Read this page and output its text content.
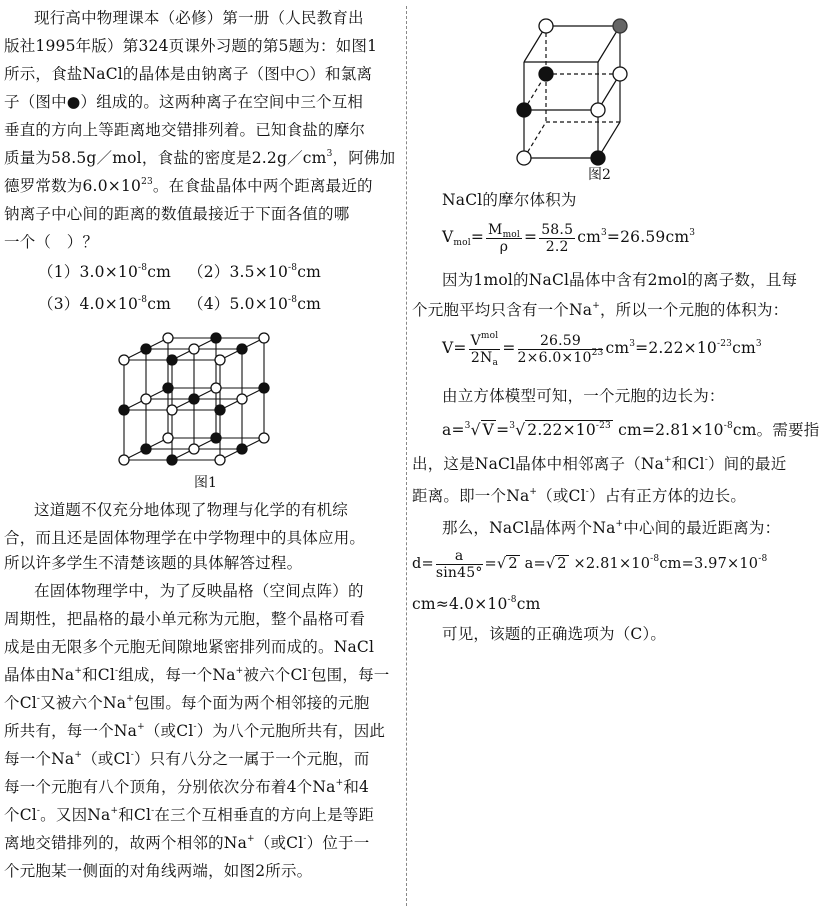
现行高中物理课本（必修）第一册（人民教育出
版社1995年版）第324页课外习题的第5题为：如图1
所示，食盐NaCl的晶体是由钠离子（图中○）和氯离
子（图中●）组成的。这两种离子在空间中三个互相
垂直的方向上等距离地交错排列着。已知食盐的摩尔
质量为58.5g／mol，食盐的密度是$2.2g/cm^3$，阿佛加
德罗常数为$6.0\times 10^{23}$。在食盐晶体中两个距离最近的
钠离子中心间的距离的数值最接近于下面各值的哪
一个（　）？
$(1)3.0\times 10^{-8}cm$ $(2)3.5\times 10^{-8}cm$
$(3)4.0\times 10^{-8}cm$ $(4)5.0\times 10^{-8}cm$
图1
这道题不仅充分地体现了物理与化学的有机综
合，而且还是固体物理学在中学物理中的具体应用。
所以许多学生不清楚该题的具体解答过程。
在固体物理学中，为了反映晶格（空间点阵）的
周期性，把晶格的最小单元称为元胞，整个晶格可看
成是由无限多个元胞无间隙地紧密排列而成的。NaCl
晶体由Na+和Cl-组成，每一个Na+被六个Cl-包围，每一
个Cl-又被六个Na+包围。每个面为两个相邻接的元胞
所共有，每一个Na+（或Cl-）为八个元胞所共有，因此
每一个Na+（或Cl-）只有八分之一属于一个元胞，而
每一个元胞有八个顶角，分别依次分布着4个Na+和4
个Cl-。又因Na+和Cl-在三个互相垂直的方向上是等距
离地交错排列的，故两个相邻的Na+（或Cl-）位于一
个元胞某一侧面的对角线两端，如图2所示。
图2
NaCl的摩尔体积为
$V_{mol}= \frac{M_{mol}}{\rho} = \frac{58.5}{2.2} cm^3=26.59cm^3$
因为1mol的NaCl晶体中含有2mol的离子数，且每
个元胞平均只含有一个Na+，所以一个元胞的体积为：
$V= \frac{V^{mol}}{2N_a} = \frac{26.59}{2\times 6.0\times 10^{23}} cm^3=2.22\times 10^{-23}cm^3$
由立方体模型可知，一个元胞的边长为：
a=$^3$√ V =$^3$√ $2.22\times 10^{-23}$ $cm=2.81\times 10^{-8}cm$。需要指
出，这是NaCl晶体中相邻离子（Na+和Cl-）间的最近
距离。即一个Na+（或Cl-）占有正方体的边长。
那么，NaCl晶体两个Na+中心间的最近距离为：
$d= \frac{a}{\sin 45^\circ}$ =√ 2 a=√ $2 \times 2.81\times 10^{-8}cm=3.97\times 10^{-8}$
$cm\approx 4.0\times 10^{-8}cm$
可见，该题的正确选项为（C）。
